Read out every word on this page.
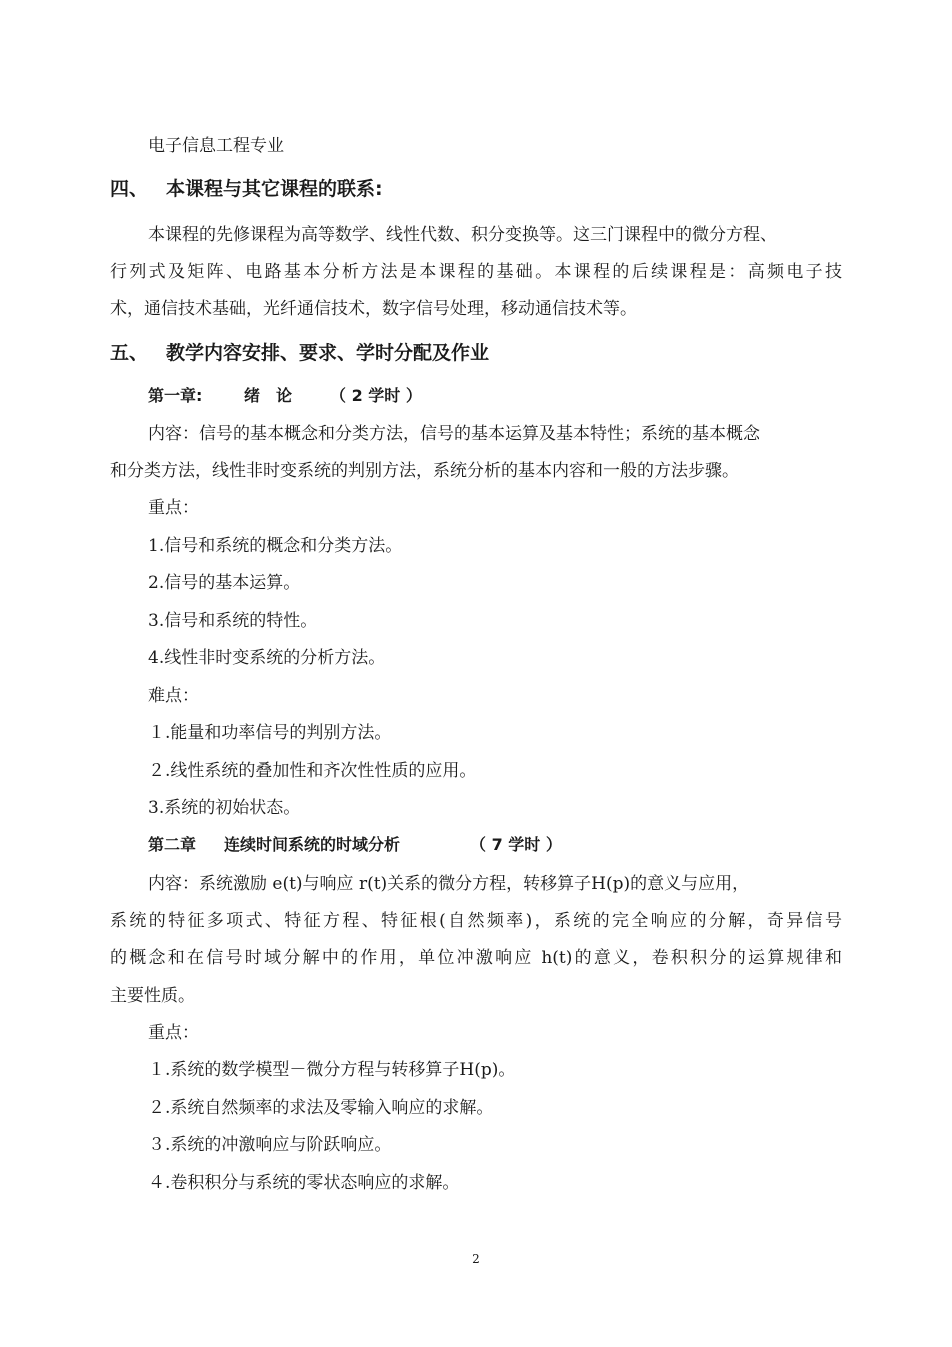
电子信息工程专业
四、 本课程与其它课程的联系:
本课程的先修课程为高等数学、线性代数、积分变换等。这三门课程中的微分方程、
行列式及矩阵、电路基本分析方法是本课程的基础。本课程的后续课程是：高频电子技
术，通信技术基础，光纤通信技术，数字信号处理，移动通信技术等。
五、 教学内容安排、要求、学时分配及作业
第一章:	绪　论 （ 2 学时 ）
内容：信号的基本概念和分类方法，信号的基本运算及基本特性；系统的基本概念
和分类方法，线性非时变系统的判别方法，系统分析的基本内容和一般的方法步骤。
重点：
1.信号和系统的概念和分类方法。
2.信号的基本运算。
3.信号和系统的特性。
4.线性非时变系统的分析方法。
难点：
１.能量和功率信号的判别方法。
２.线性系统的叠加性和齐次性性质的应用。
3.系统的初始状态。
第二章 连续时间系统的时域分析	（ 7 学时 ）
内容：系统激励 e(t)与响应 r(t)关系的微分方程，转移算子H(p)的意义与应用，
系统的特征多项式、特征方程、特征根(自然频率)，系统的完全响应的分解，奇异信号
的概念和在信号时域分解中的作用，单位冲激响应 h(t)的意义，卷积积分的运算规律和
主要性质。
重点：
１.系统的数学模型－微分方程与转移算子H(p)。
２.系统自然频率的求法及零输入响应的求解。
３.系统的冲激响应与阶跃响应。
４.卷积积分与系统的零状态响应的求解。
2
